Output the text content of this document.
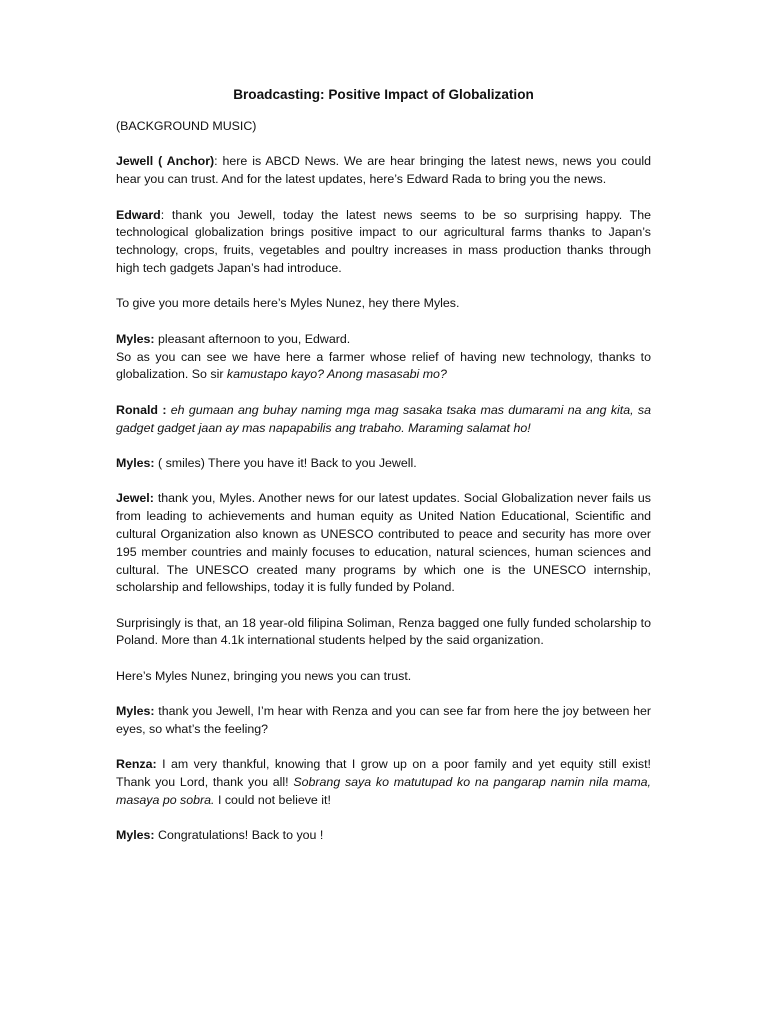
Broadcasting: Positive Impact of Globalization

(BACKGROUND MUSIC)

Jewell ( Anchor): here is ABCD News. We are hear bringing the latest news, news you could hear you can trust. And for the latest updates, here’s Edward Rada to bring you the news.

Edward: thank you Jewell, today the latest news seems to be so surprising happy. The technological globalization brings positive impact to our agricultural farms thanks to Japan’s technology, crops, fruits, vegetables and poultry increases in mass production thanks through high tech gadgets Japan’s had introduce.

To give you more details here’s Myles Nunez, hey there Myles.

Myles: pleasant afternoon to you, Edward.

So as you can see we have here a farmer whose relief of having new technology, thanks to globalization. So sir kamustapo kayo? Anong masasabi mo?

Ronald : eh gumaan ang buhay naming mga mag sasaka tsaka mas dumarami na ang kita, sa gadget gadget jaan ay mas napapabilis ang trabaho. Maraming salamat ho!

Myles: ( smiles) There you have it! Back to you Jewell.

Jewel: thank you, Myles. Another news for our latest updates. Social Globalization never fails us from leading to achievements and human equity as United Nation Educational, Scientific and cultural Organization also known as UNESCO contributed to peace and security has more over 195 member countries and mainly focuses to education, natural sciences, human sciences and cultural. The UNESCO created many programs by which one is the UNESCO internship, scholarship and fellowships, today it is fully funded by Poland.

Surprisingly is that, an 18 year-old filipina Soliman, Renza bagged one fully funded scholarship to Poland. More than 4.1k international students helped by the said organization.

Here’s Myles Nunez, bringing you news you can trust.

Myles: thank you Jewell, I’m hear with Renza and you can see far from here the joy between her eyes, so what’s the feeling?

Renza: I am very thankful, knowing that I grow up on a poor family and yet equity still exist! Thank you Lord, thank you all! Sobrang saya ko matutupad ko na pangarap namin nila mama, masaya po sobra. I could not believe it!

Myles: Congratulations! Back to you !
